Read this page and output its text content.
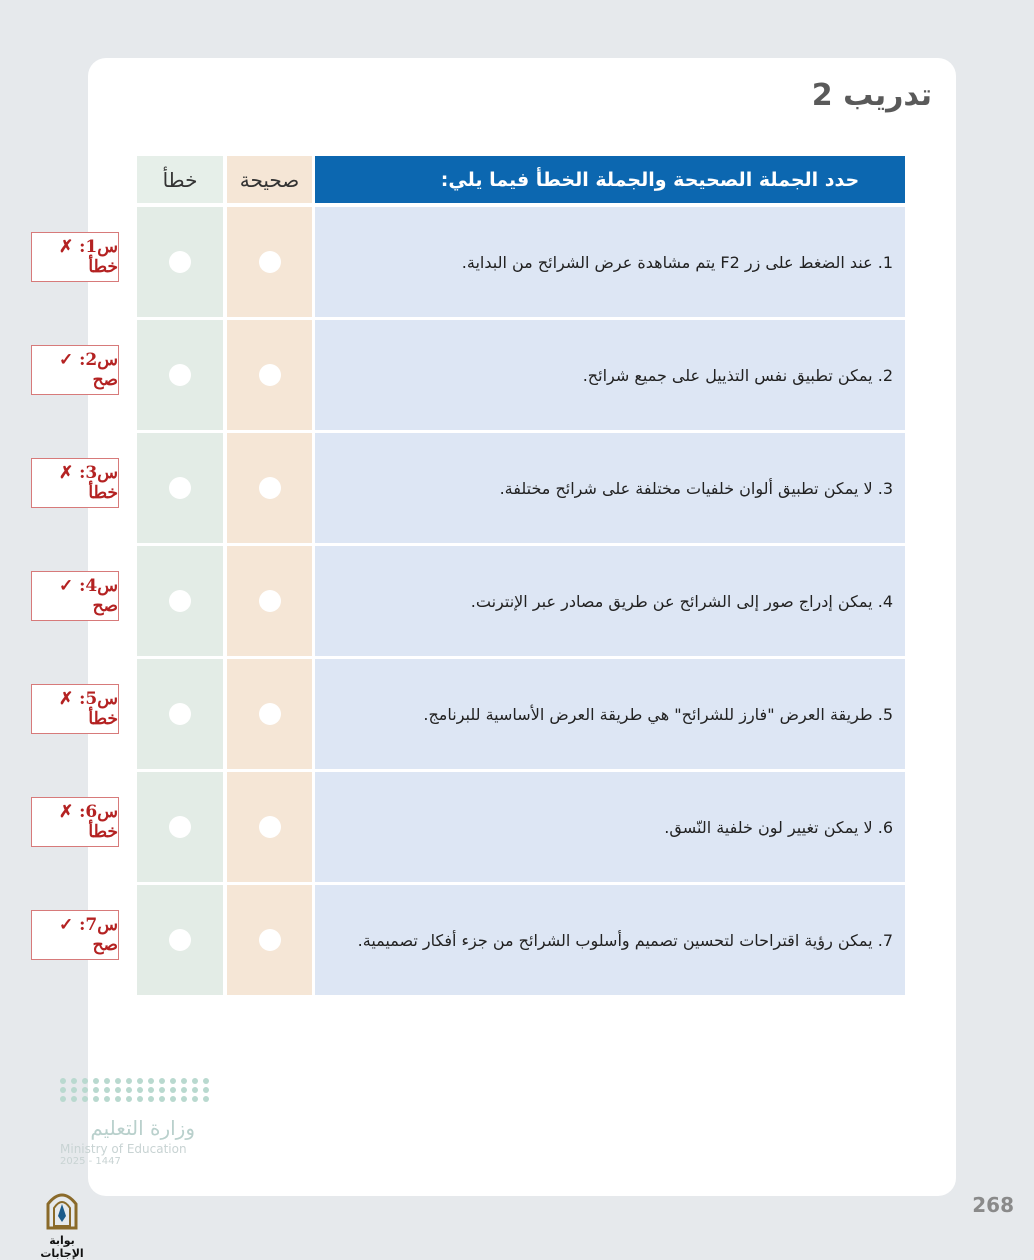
تدريب 2
حدد الجملة الصحيحة والجملة الخطأ فيما يلي:
صحيحة
خطأ
1. عند الضغط على زر F2 يتم مشاهدة عرض الشرائح من البداية.
س1: ✗ خطأ
2. يمكن تطبيق نفس التذييل على جميع شرائح.
س2: ✓ صح
3. لا يمكن تطبيق ألوان خلفيات مختلفة على شرائح مختلفة.
س3: ✗ خطأ
4. يمكن إدراج صور إلى الشرائح عن طريق مصادر عبر الإنترنت.
س4: ✓ صح
5. طريقة العرض "فارز للشرائح" هي طريقة العرض الأساسية للبرنامج.
س5: ✗ خطأ
6. لا يمكن تغيير لون خلفية النّسق.
س6: ✗ خطأ
7. يمكن رؤية اقتراحات لتحسين تصميم وأسلوب الشرائح من جزء أفكار تصميمية.
س7: ✓ صح
وزارة التعليم
Ministry of Education
2025 - 1447
268
بوابة الإجابات
